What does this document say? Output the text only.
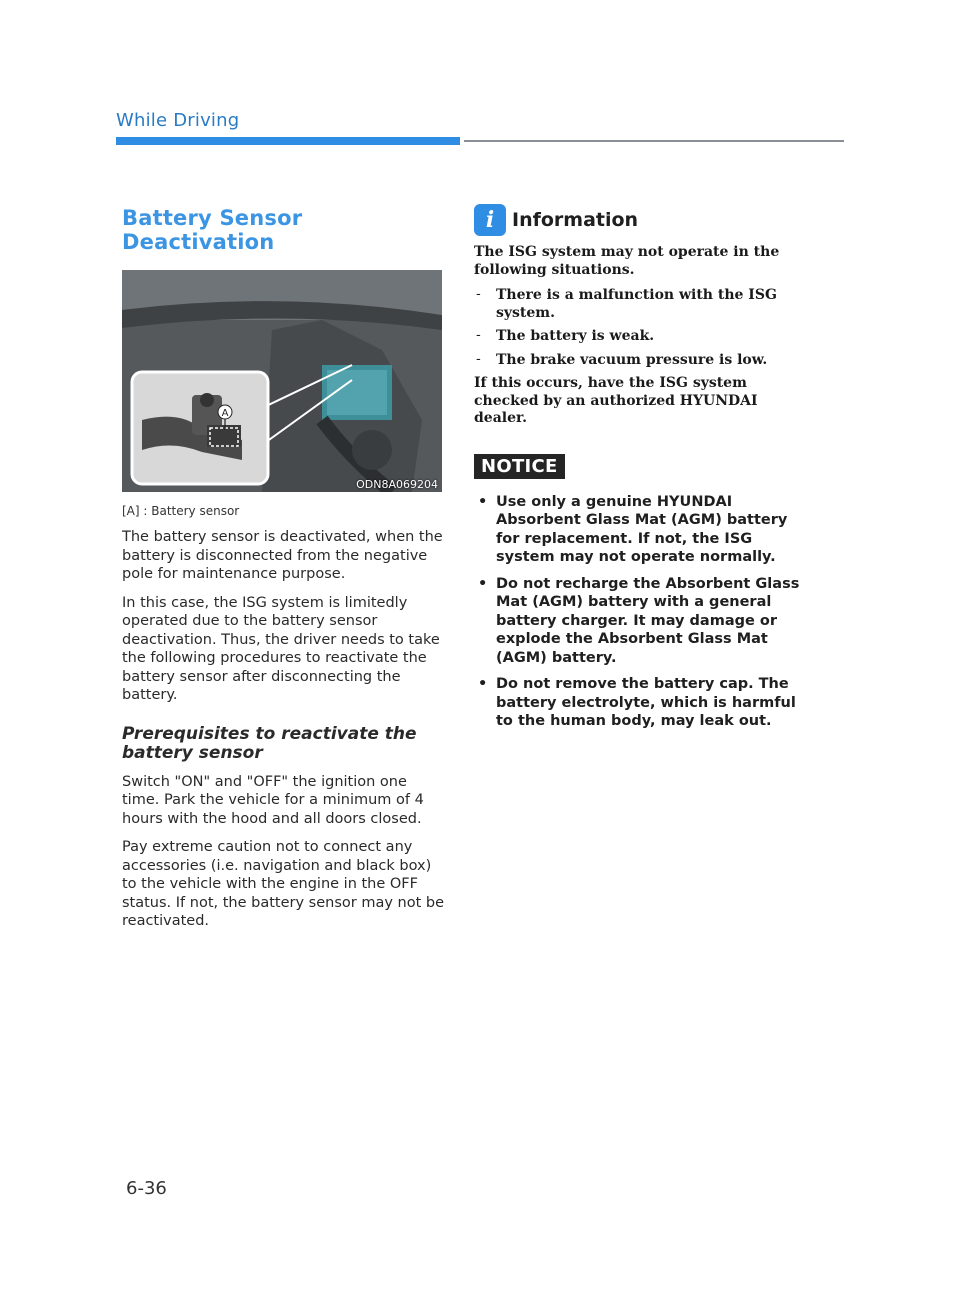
While Driving
Battery Sensor Deactivation
A
ODN8A069204
[A] : Battery sensor

The battery sensor is deactivated, when the battery is disconnected from the negative pole for maintenance purpose.

In this case, the ISG system is limitedly operated due to the battery sensor deactivation. Thus, the driver needs to take the following procedures to reactivate the battery sensor after disconnecting the battery.

Prerequisites to reactivate the battery sensor

Switch "ON" and "OFF" the ignition one time. Park the vehicle for a minimum of 4 hours with the hood and all doors closed.

Pay extreme caution not to connect any accessories (i.e. navigation and black box) to the vehicle with the engine in the OFF status. If not, the battery sensor may not be reactivated.

i Information

The ISG system may not operate in the following situations.

- There is a malfunction with the ISG system.
- The battery is weak.
- The brake vacuum pressure is low.

If this occurs, have the ISG system checked by an authorized HYUNDAI dealer.

NOTICE
• Use only a genuine HYUNDAI Absorbent Glass Mat (AGM) battery for replacement. If not, the ISG system may not operate normally.
• Do not recharge the Absorbent Glass Mat (AGM) battery with a general battery charger. It may damage or explode the Absorbent Glass Mat (AGM) battery.
• Do not remove the battery cap. The battery electrolyte, which is harmful to the human body, may leak out.
6-36
